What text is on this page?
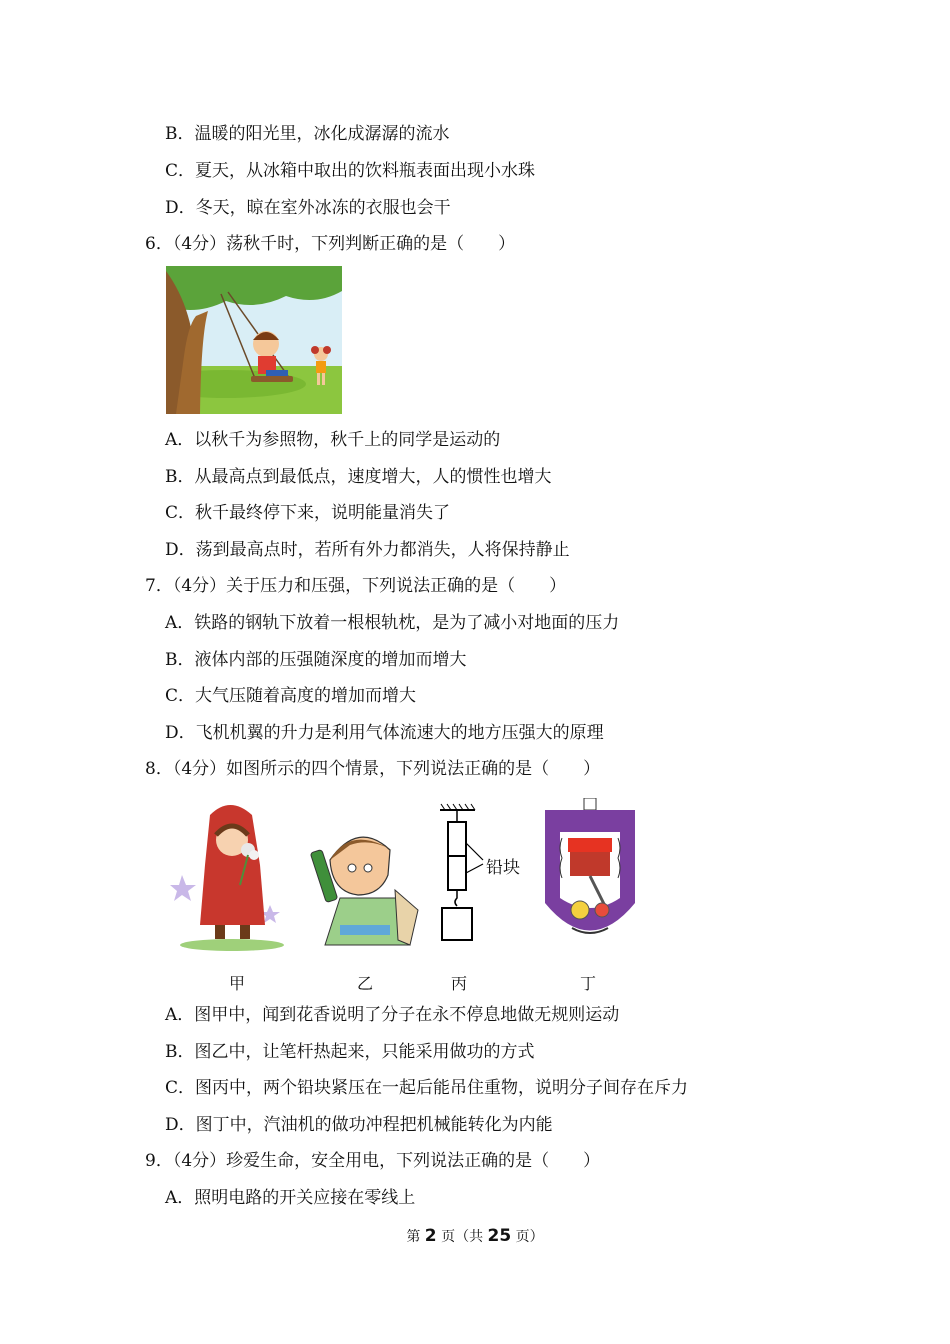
B．温暖的阳光里，冰化成潺潺的流水
C．夏天，从冰箱中取出的饮料瓶表面出现小水珠
D．冬天，晾在室外冰冻的衣服也会干
6．（4分）荡秋千时，下列判断正确的是（　　）
A．以秋千为参照物，秋千上的同学是运动的
B．从最高点到最低点，速度增大，人的惯性也增大
C．秋千最终停下来，说明能量消失了
D．荡到最高点时，若所有外力都消失，人将保持静止
7．（4分）关于压力和压强，下列说法正确的是（　　）
A．铁路的钢轨下放着一根根轨枕，是为了减小对地面的压力
B．液体内部的压强随深度的增加而增大
C．大气压随着高度的增加而增大
D．飞机机翼的升力是利用气体流速大的地方压强大的原理
8．（4分）如图所示的四个情景，下列说法正确的是（　　）
铅块
甲	乙	丙	丁
A．图甲中，闻到花香说明了分子在永不停息地做无规则运动
B．图乙中，让笔杆热起来，只能采用做功的方式
C．图丙中，两个铅块紧压在一起后能吊住重物，说明分子间存在斥力
D．图丁中，汽油机的做功冲程把机械能转化为内能
9．（4分）珍爱生命，安全用电，下列说法正确的是（　　）
A．照明电路的开关应接在零线上
第 2 页（共 25 页）
